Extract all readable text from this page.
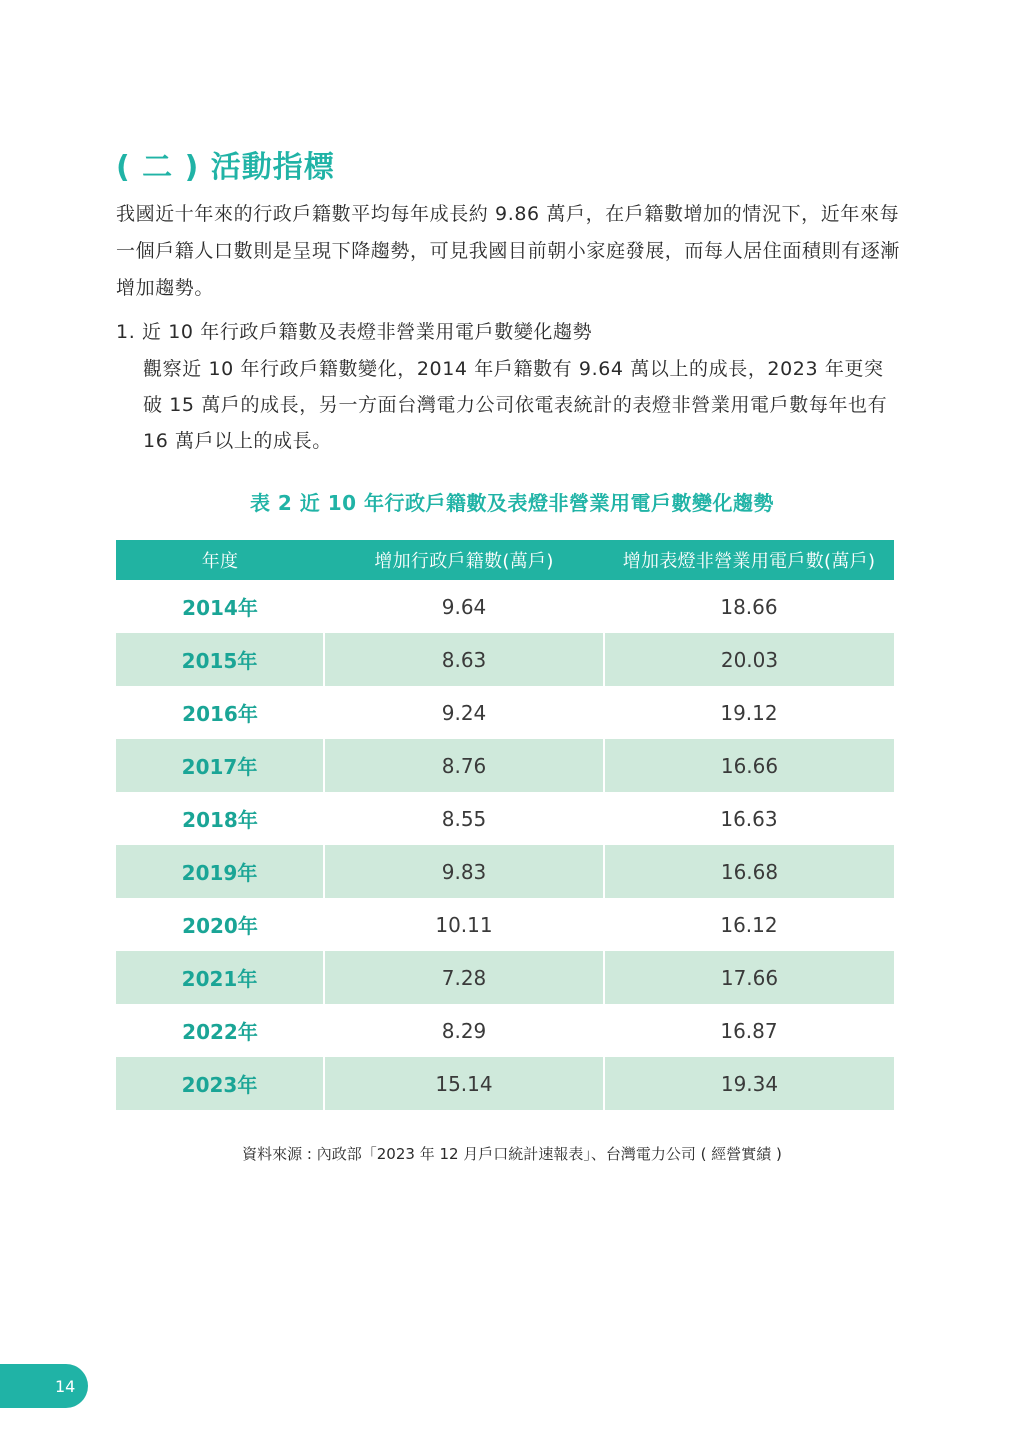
( 二 ) 活動指標

我國近十年來的行政戶籍數平均每年成長約 9.86 萬戶，在戶籍數增加的情況下，近年來每一個戶籍人口數則是呈現下降趨勢，可見我國目前朝小家庭發展，而每人居住面積則有逐漸增加趨勢。

1. 近 10 年行政戶籍數及表燈非營業用電戶數變化趨勢

觀察近 10 年行政戶籍數變化，2014 年戶籍數有 9.64 萬以上的成長，2023 年更突破 15 萬戶的成長，另一方面台灣電力公司依電表統計的表燈非營業用電戶數每年也有 16 萬戶以上的成長。

表 2 近 10 年行政戶籍數及表燈非營業用電戶數變化趨勢

年度	增加行政戶籍數(萬戶)	增加表燈非營業用電戶數(萬戶)
2014年	9.64	18.66
2015年	8.63	20.03
2016年	9.24	19.12
2017年	8.76	16.66
2018年	8.55	16.63
2019年	9.83	16.68
2020年	10.11	16.12
2021年	7.28	17.66
2022年	8.29	16.87
2023年	15.14	19.34

資料來源 : 內政部「2023 年 12 月戶口統計速報表」、台灣電力公司 ( 經營實績 )

14
